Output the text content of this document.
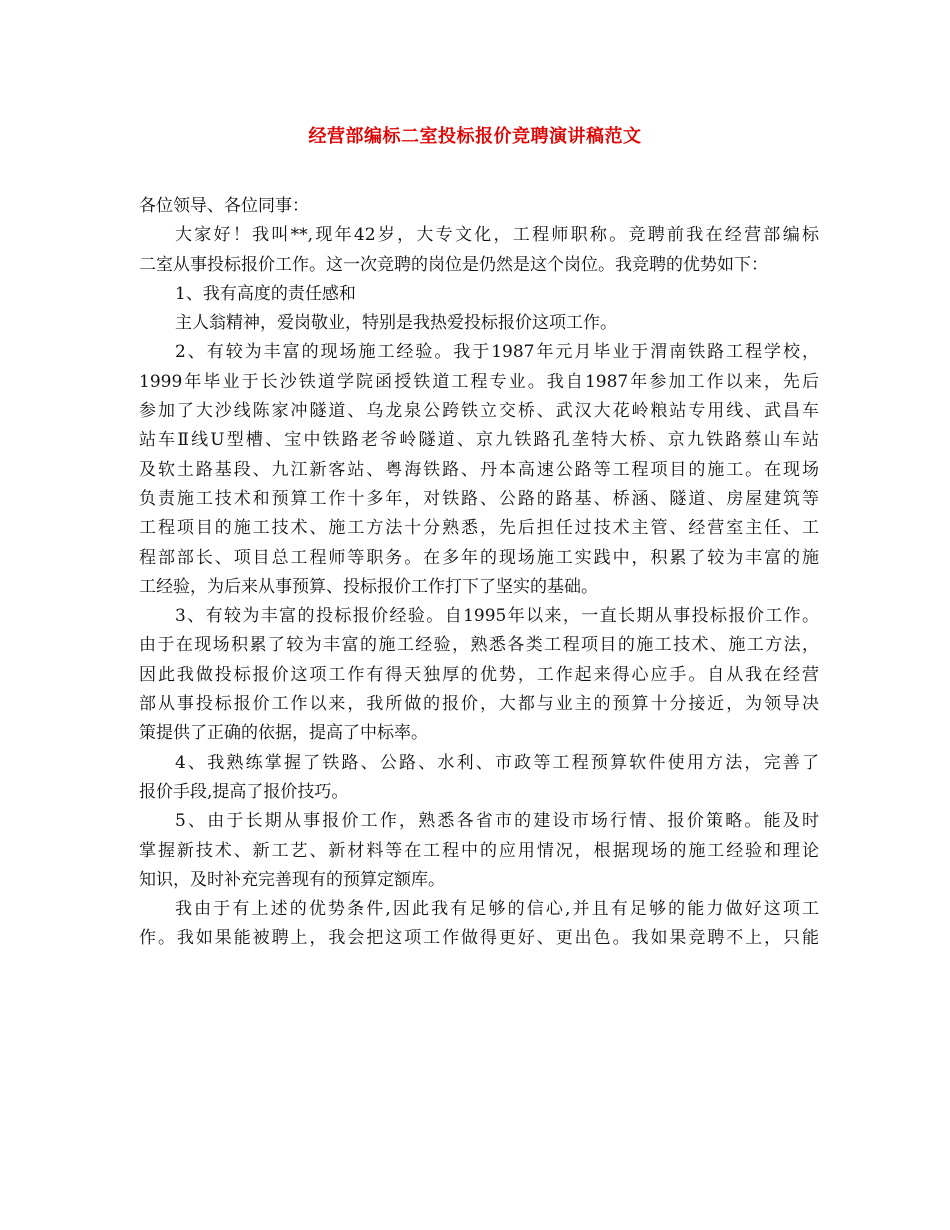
经营部编标二室投标报价竞聘演讲稿范文
各位领导、各位同事：
大家好！我叫**,现年42岁，大专文化，工程师职称。竞聘前我在经营部编标
二室从事投标报价工作。这一次竞聘的岗位是仍然是这个岗位。我竞聘的优势如下：
1、我有高度的责任感和
主人翁精神，爱岗敬业，特别是我热爱投标报价这项工作。
2、有较为丰富的现场施工经验。我于1987年元月毕业于渭南铁路工程学校，
1999年毕业于长沙铁道学院函授铁道工程专业。我自1987年参加工作以来，先后
参加了大沙线陈家冲隧道、乌龙泉公跨铁立交桥、武汉大花岭粮站专用线、武昌车
站车Ⅱ线U型槽、宝中铁路老爷岭隧道、京九铁路孔垄特大桥、京九铁路蔡山车站
及软土路基段、九江新客站、粤海铁路、丹本高速公路等工程项目的施工。在现场
负责施工技术和预算工作十多年，对铁路、公路的路基、桥涵、隧道、房屋建筑等
工程项目的施工技术、施工方法十分熟悉，先后担任过技术主管、经营室主任、工
程部部长、项目总工程师等职务。在多年的现场施工实践中，积累了较为丰富的施
工经验，为后来从事预算、投标报价工作打下了坚实的基础。
3、有较为丰富的投标报价经验。自1995年以来，一直长期从事投标报价工作。
由于在现场积累了较为丰富的施工经验，熟悉各类工程项目的施工技术、施工方法，
因此我做投标报价这项工作有得天独厚的优势，工作起来得心应手。自从我在经营
部从事投标报价工作以来，我所做的报价，大都与业主的预算十分接近，为领导决
策提供了正确的依据，提高了中标率。
4、我熟练掌握了铁路、公路、水利、市政等工程预算软件使用方法，完善了
报价手段,提高了报价技巧。
5、由于长期从事报价工作，熟悉各省市的建设市场行情、报价策略。能及时
掌握新技术、新工艺、新材料等在工程中的应用情况，根据现场的施工经验和理论
知识，及时补充完善现有的预算定额库。
我由于有上述的优势条件,因此我有足够的信心,并且有足够的能力做好这项工
作。我如果能被聘上，我会把这项工作做得更好、更出色。我如果竞聘不上，只能
